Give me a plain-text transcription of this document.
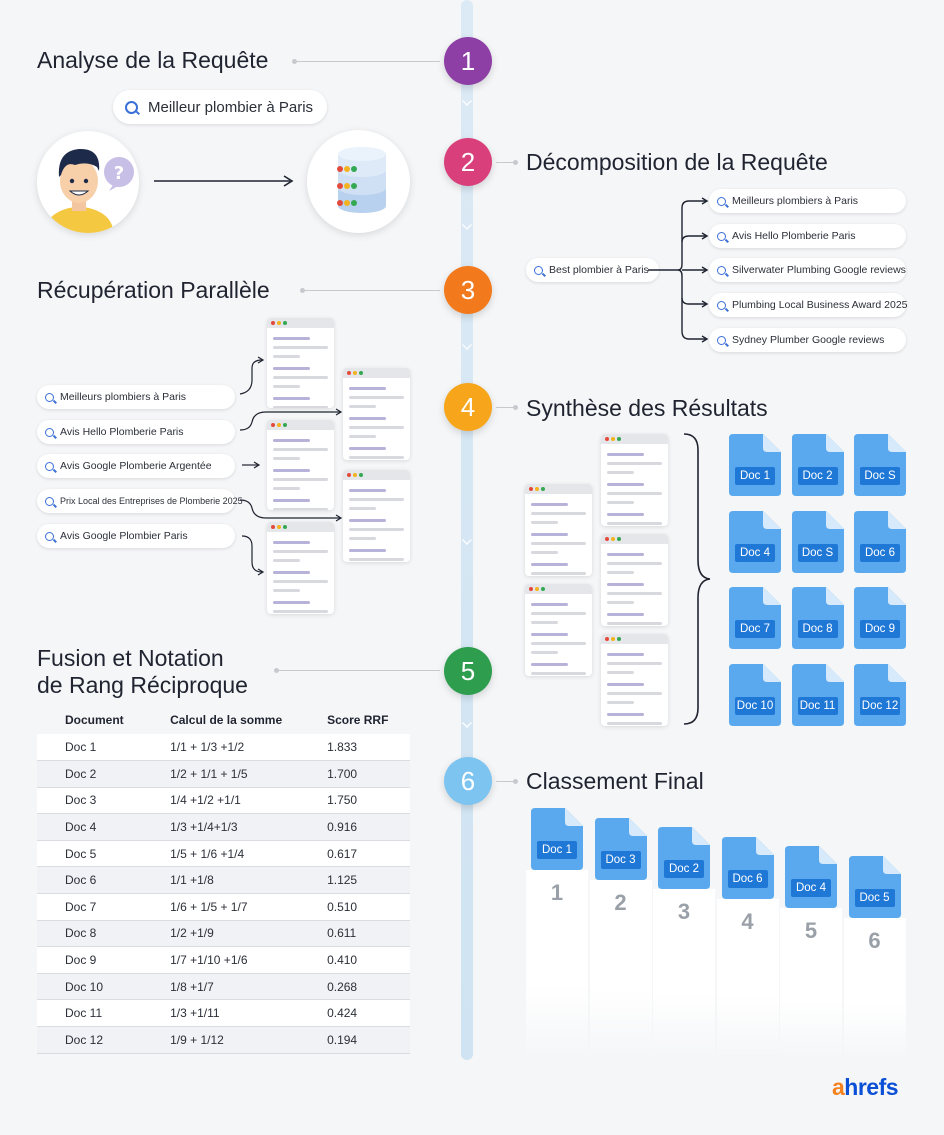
1
2
3
4
5
6
Analyse de la Requête
Décomposition de la Requête
Récupération Parallèle
Synthèse des Résultats
Fusion et Notation
de Rang Réciproque
Classement Final
Meilleur plombier à Paris
?
Best plombier à Paris
Meilleurs plombiers à Paris
Avis Hello Plomberie Paris
Silverwater Plumbing Google reviews
Plumbing Local Business Award 2025
Sydney Plumber Google reviews
Meilleurs plombiers à Paris
Avis Hello Plomberie Paris
Avis Google Plomberie Argentée
Prix Local des Entreprises de Plomberie 2025
Avis Google Plombier Paris
Doc 1	Doc 2	Doc S
Doc 4	Doc S	Doc 6
Doc 7	Doc 8	Doc 9
Doc 10 Doc 11 Doc 12
Document	Calcul de la somme	Score RRF
Doc 1	1/1 + 1/3 +1/2	1.833
Doc 2	1/2 + 1/1 + 1/5	1.700
Doc 3	1/4 +1/2 +1/1	1.750
Doc 4	1/3 +1/4+1/3	0.916
Doc 5	1/5 + 1/6 +1/4	0.617
Doc 6	1/1 +1/8	1.125
Doc 7	1/6 + 1/5 + 1/7	0.510
Doc 8	1/2 +1/9	0.611
Doc 9	1/7 +1/10 +1/6	0.410
Doc 10	1/8 +1/7	0.268
Doc 11	1/3 +1/11	0.424
Doc 12	1/9 + 1/12	0.194
1
Doc 1
2
Doc 3
3
Doc 2
4
Doc 6
5
Doc 4
6
Doc 5
ahrefs
